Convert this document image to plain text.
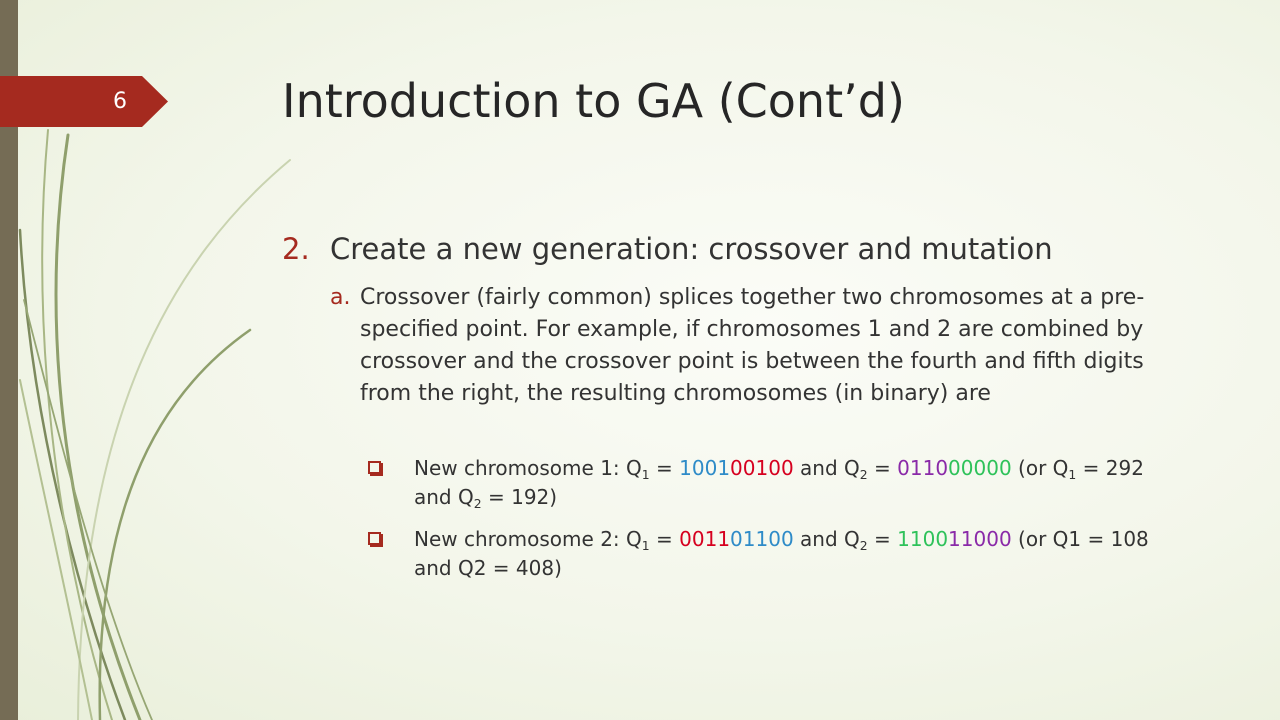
6	Introduction to GA (Cont’d)
2. Create a new generation: crossover and mutation
a. Crossover (fairly common) splices together two chromosomes at a pre-specified point. For example, if chromosomes 1 and 2 are combined by crossover and the crossover point is between the fourth and fifth digits from the right, the resulting chromosomes (in binary) are
New chromosome 1: $Q_1 = 100100100$ and $Q_2 = 011000000$ (or $Q_1 = 292$ and $Q_2 = 192$)
New chromosome 2: $Q_1 = 001101100$ and $Q_2 = 110011000$ (or Q1 = 108 and Q2 = 408)
